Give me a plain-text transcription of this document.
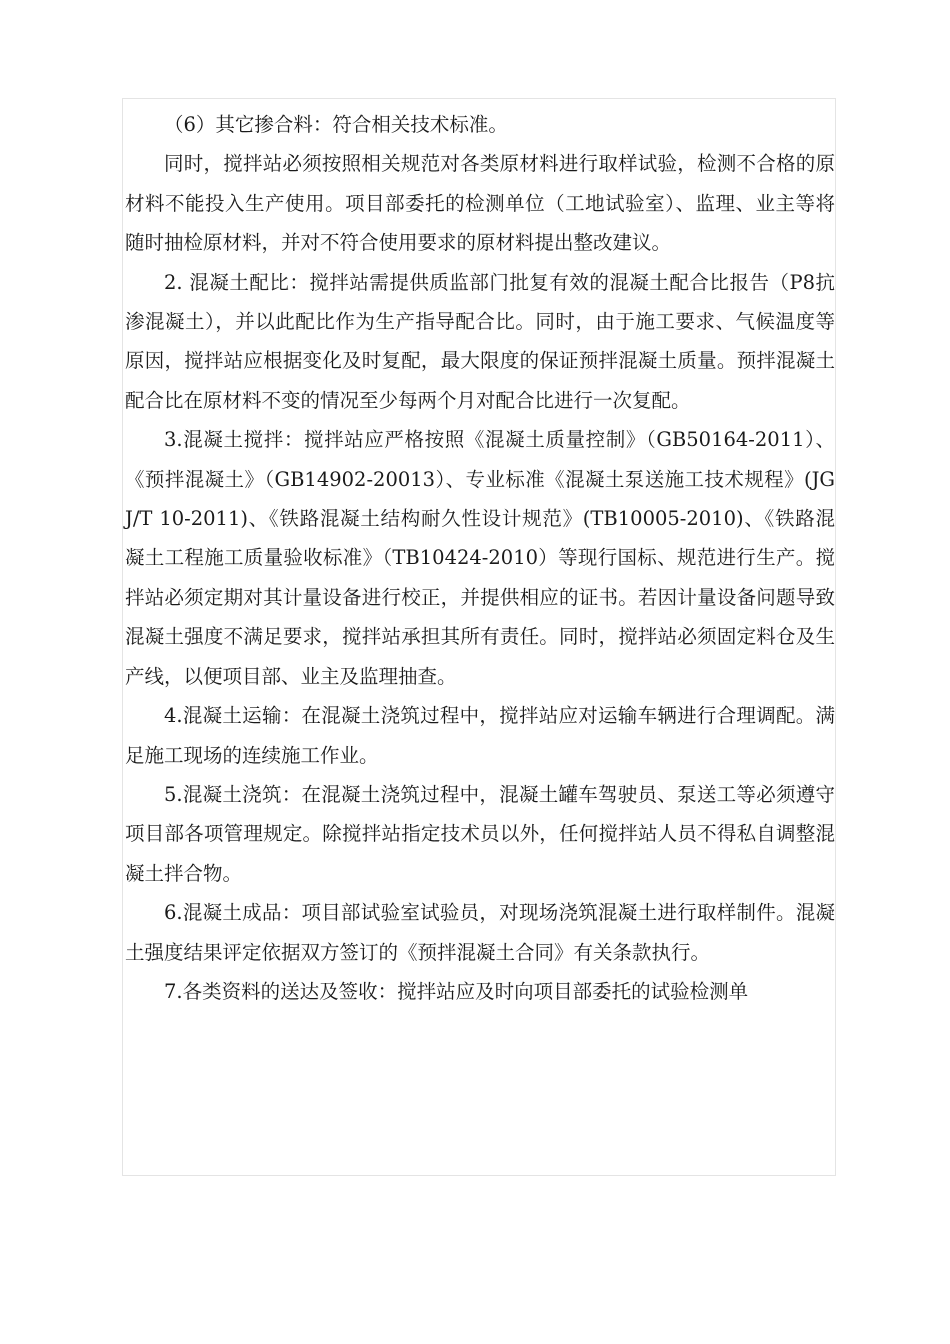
（6）其它掺合料：符合相关技术标准。

同时，搅拌站必须按照相关规范对各类原材料进行取样试验，检测不合格的原材料不能投入生产使用。项目部委托的检测单位（工地试验室）、监理、业主等将随时抽检原材料，并对不符合使用要求的原材料提出整改建议。

2. 混凝土配比：搅拌站需提供质监部门批复有效的混凝土配合比报告（P8抗渗混凝土），并以此配比作为生产指导配合比。同时，由于施工要求、气候温度等原因，搅拌站应根据变化及时复配，最大限度的保证预拌混凝土质量。预拌混凝土配合比在原材料不变的情况至少每两个月对配合比进行一次复配。

3.混凝土搅拌：搅拌站应严格按照《混凝土质量控制》（GB50164-2011）、《预拌混凝土》（GB14902-20013）、专业标准《混凝土泵送施工技术规程》(JGJ/T 10-2011)、《铁路混凝土结构耐久性设计规范》(TB10005-2010)、《铁路混凝土工程施工质量验收标准》（TB10424-2010）等现行国标、规范进行生产。搅拌站必须定期对其计量设备进行校正，并提供相应的证书。若因计量设备问题导致混凝土强度不满足要求，搅拌站承担其所有责任。同时，搅拌站必须固定料仓及生产线，以便项目部、业主及监理抽查。

4.混凝土运输：在混凝土浇筑过程中，搅拌站应对运输车辆进行合理调配。满足施工现场的连续施工作业。

5.混凝土浇筑：在混凝土浇筑过程中，混凝土罐车驾驶员、泵送工等必须遵守项目部各项管理规定。除搅拌站指定技术员以外，任何搅拌站人员不得私自调整混凝土拌合物。

6.混凝土成品：项目部试验室试验员，对现场浇筑混凝土进行取样制件。混凝土强度结果评定依据双方签订的《预拌混凝土合同》有关条款执行。

7.各类资料的送达及签收：搅拌站应及时向项目部委托的试验检测单
